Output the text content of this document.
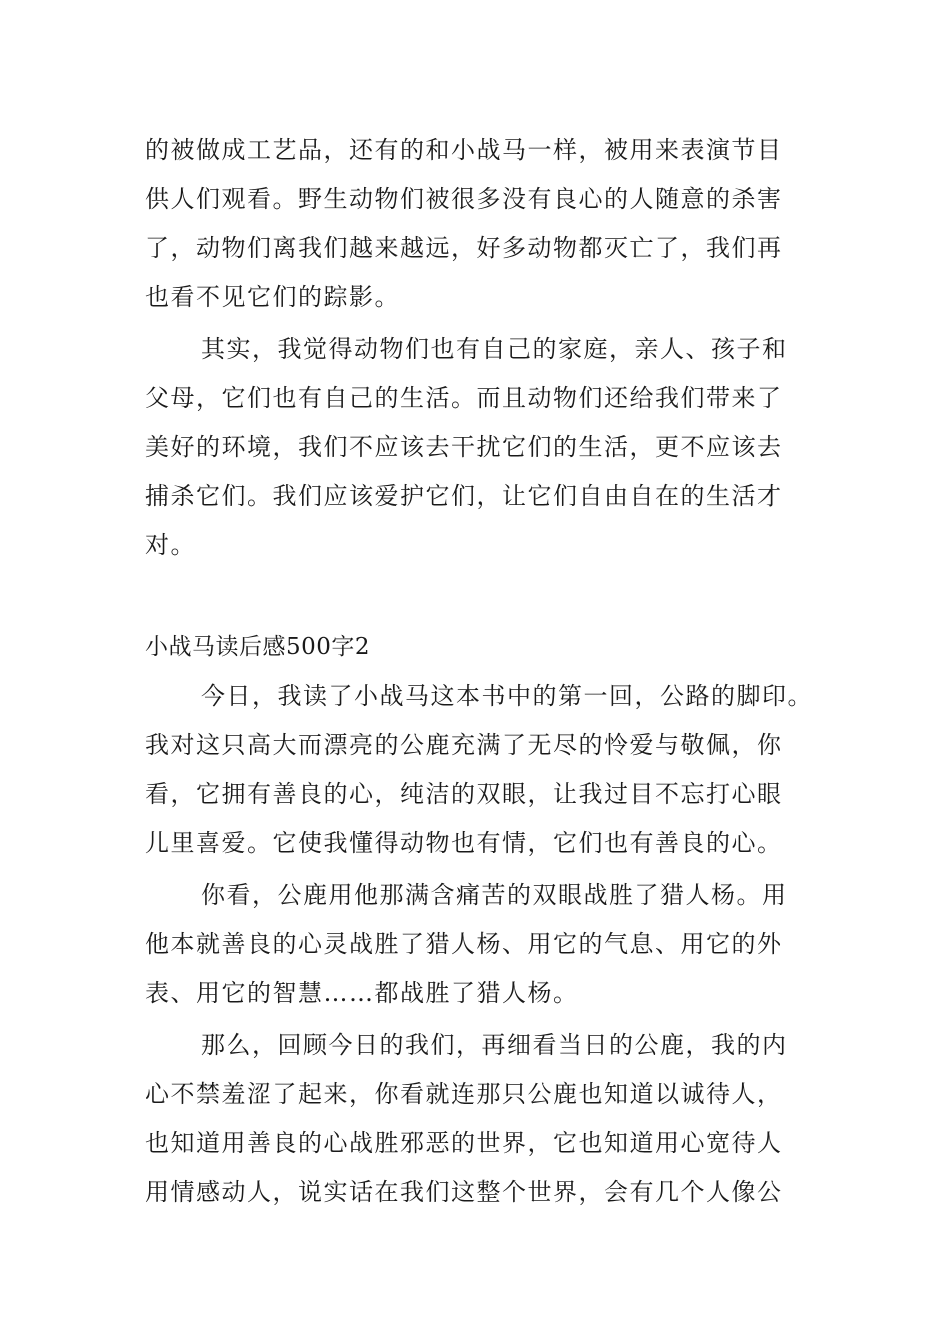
的被做成工艺品，还有的和小战马一样，被用来表演节目
供人们观看。野生动物们被很多没有良心的人随意的杀害
了，动物们离我们越来越远，好多动物都灭亡了，我们再
也看不见它们的踪影。
其实，我觉得动物们也有自己的家庭，亲人、孩子和
父母，它们也有自己的生活。而且动物们还给我们带来了
美好的环境，我们不应该去干扰它们的生活，更不应该去
捕杀它们。我们应该爱护它们，让它们自由自在的生活才
对。
小战马读后感500字2
今日，我读了小战马这本书中的第一回，公路的脚印。
我对这只高大而漂亮的公鹿充满了无尽的怜爱与敬佩，你
看，它拥有善良的心，纯洁的双眼，让我过目不忘打心眼
儿里喜爱。它使我懂得动物也有情，它们也有善良的心。
你看，公鹿用他那满含痛苦的双眼战胜了猎人杨。用
他本就善良的心灵战胜了猎人杨、用它的气息、用它的外
表、用它的智慧……都战胜了猎人杨。
那么，回顾今日的我们，再细看当日的公鹿，我的内
心不禁羞涩了起来，你看就连那只公鹿也知道以诚待人，
也知道用善良的心战胜邪恶的世界，它也知道用心宽待人
用情感动人，说实话在我们这整个世界，会有几个人像公
